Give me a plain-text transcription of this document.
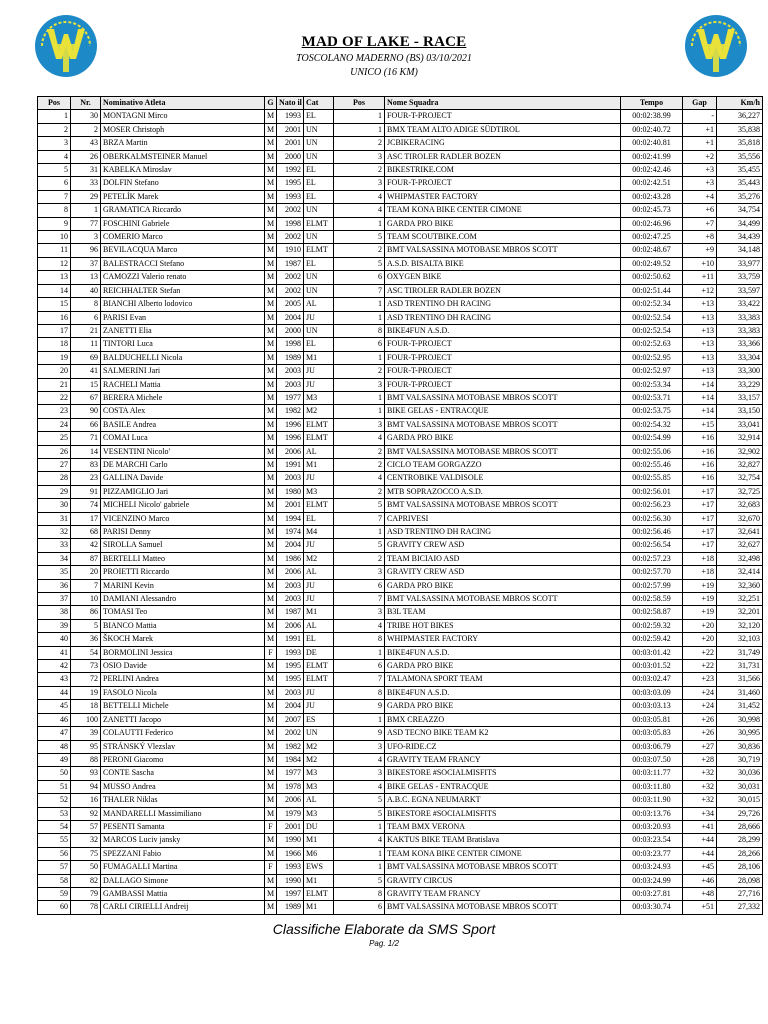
MAD OF LAKE - RACE
TOSCOLANO MADERNO (BS) 03/10/2021
UNICO (16 KM)
Pos	Nr.	Nominativo Atleta	G	Nato il	Cat	Pos	Nome Squadra	Tempo	Gap	Km/h
1	30	MONTAGNI Mirco	M	1993	EL	1	FOUR-T-PROJECT	00:02:38.99	-	36,227
2	2	MOSER Christoph	M	2001	UN	1	BMX TEAM ALTO ADIGE SÜDTIROL	00:02:40.72	+1	35,838
3	43	BRZA Martin	M	2001	UN	2	JCBIKERACING	00:02:40.81	+1	35,818
4	26	OBERKALMSTEINER Manuel	M	2000	UN	3	ASC TIROLER RADLER BOZEN	00:02:41.99	+2	35,556
5	31	KABELKA Miroslav	M	1992	EL	2	BIKESTRIKE.COM	00:02:42.46	+3	35,455
6	33	DOLFIN Stefano	M	1995	EL	3	FOUR-T-PROJECT	00:02:42.51	+3	35,443
7	29	PETELÍK Marek	M	1993	EL	4	WHIPMASTER FACTORY	00:02:43.28	+4	35,276
8	1	GRAMATICA Riccardo	M	2002	UN	4	TEAM KONA BIKE CENTER CIMONE	00:02:45.73	+6	34,754
9	77	FOSCHINI Gabriele	M	1998	ELMT	1	GARDA PRO BIKE	00:02:46.96	+7	34,499
10	3	COMERIO Marco	M	2002	UN	5	TEAM SCOUTBIKE.COM	00:02:47.25	+8	34,439
11	96	BEVILACQUA Marco	M	1910	ELMT	2	BMT VALSASSINA MOTOBASE MBROS SCOTT	00:02:48.67	+9	34,148
12	37	BALESTRACCI Stefano	M	1987	EL	5	A.S.D. BISALTA BIKE	00:02:49.52	+10	33,977
13	13	CAMOZZI Valerio renato	M	2002	UN	6	OXYGEN BIKE	00:02:50.62	+11	33,759
14	40	REICHHALTER Stefan	M	2002	UN	7	ASC TIROLER RADLER BOZEN	00:02:51.44	+12	33,597
15	8	BIANCHI Alberto lodovico	M	2005	AL	1	ASD TRENTINO DH RACING	00:02:52.34	+13	33,422
16	6	PARISI Evan	M	2004	JU	1	ASD TRENTINO DH RACING	00:02:52.54	+13	33,383
17	21	ZANETTI Elia	M	2000	UN	8	BIKE4FUN A.S.D.	00:02:52.54	+13	33,383
18	11	TINTORI Luca	M	1998	EL	6	FOUR-T-PROJECT	00:02:52.63	+13	33,366
19	69	BALDUCHELLI Nicola	M	1989	M1	1	FOUR-T-PROJECT	00:02:52.95	+13	33,304
20	41	SALMERINI Jari	M	2003	JU	2	FOUR-T-PROJECT	00:02:52.97	+13	33,300
21	15	RACHELI Mattia	M	2003	JU	3	FOUR-T-PROJECT	00:02:53.34	+14	33,229
22	67	BERERA Michele	M	1977	M3	1	BMT VALSASSINA MOTOBASE MBROS SCOTT	00:02:53.71	+14	33,157
23	90	COSTA Alex	M	1982	M2	1	BIKE GELAS - ENTRACQUE	00:02:53.75	+14	33,150
24	66	BASILE Andrea	M	1996	ELMT	3	BMT VALSASSINA MOTOBASE MBROS SCOTT	00:02:54.32	+15	33,041
25	71	COMAI Luca	M	1996	ELMT	4	GARDA PRO BIKE	00:02:54.99	+16	32,914
26	14	VESENTINI Nicolo'	M	2006	AL	2	BMT VALSASSINA MOTOBASE MBROS SCOTT	00:02:55.06	+16	32,902
27	83	DE MARCHI Carlo	M	1991	M1	2	CICLO TEAM GORGAZZO	00:02:55.46	+16	32,827
28	23	GALLINA Davide	M	2003	JU	4	CENTROBIKE VALDISOLE	00:02:55.85	+16	32,754
29	91	PIZZAMIGLIO Jari	M	1980	M3	2	MTB SOPRAZOCCO A.S.D.	00:02:56.01	+17	32,725
30	74	MICHELI Nicolo' gabriele	M	2001	ELMT	5	BMT VALSASSINA MOTOBASE MBROS SCOTT	00:02:56.23	+17	32,683
31	17	VICENZINO Marco	M	1994	EL	7	CAPRIVESI	00:02:56.30	+17	32,670
32	68	PARISI Denny	M	1974	M4	1	ASD TRENTINO DH RACING	00:02:56.46	+17	32,641
33	42	SIROLLA Samuel	M	2004	JU	5	GRAVITY CREW ASD	00:02:56.54	+17	32,627
34	87	BERTELLI Matteo	M	1986	M2	2	TEAM BICIAIO ASD	00:02:57.23	+18	32,498
35	20	PROIETTI Riccardo	M	2006	AL	3	GRAVITY CREW ASD	00:02:57.70	+18	32,414
36	7	MARINI Kevin	M	2003	JU	6	GARDA PRO BIKE	00:02:57.99	+19	32,360
37	10	DAMIANI Alessandro	M	2003	JU	7	BMT VALSASSINA MOTOBASE MBROS SCOTT	00:02:58.59	+19	32,251
38	86	TOMASI Teo	M	1987	M1	3	B3L TEAM	00:02:58.87	+19	32,201
39	5	BIANCO Mattia	M	2006	AL	4	TRIBE HOT BIKES	00:02:59.32	+20	32,120
40	36	ŠKOCH Marek	M	1991	EL	8	WHIPMASTER FACTORY	00:02:59.42	+20	32,103
41	54	BORMOLINI Jessica	F	1993	DE	1	BIKE4FUN A.S.D.	00:03:01.42	+22	31,749
42	73	OSIO Davide	M	1995	ELMT	6	GARDA PRO BIKE	00:03:01.52	+22	31,731
43	72	PERLINI Andrea	M	1995	ELMT	7	TALAMONA SPORT TEAM	00:03:02.47	+23	31,566
44	19	FASOLO Nicola	M	2003	JU	8	BIKE4FUN A.S.D.	00:03:03.09	+24	31,460
45	18	BETTELLI Michele	M	2004	JU	9	GARDA PRO BIKE	00:03:03.13	+24	31,452
46	100	ZANETTI Jacopo	M	2007	ES	1	BMX CREAZZO	00:03:05.81	+26	30,998
47	39	COLAUTTI Federico	M	2002	UN	9	ASD TECNO BIKE TEAM K2	00:03:05.83	+26	30,995
48	95	STRÁNSKÝ Vlezslav	M	1982	M2	3	UFO-RIDE.CZ	00:03:06.79	+27	30,836
49	88	PERONI Giacomo	M	1984	M2	4	GRAVITY TEAM FRANCY	00:03:07.50	+28	30,719
50	93	CONTE Sascha	M	1977	M3	3	BIKESTORE #SOCIALMISFITS	00:03:11.77	+32	30,036
51	94	MUSSO Andrea	M	1978	M3	4	BIKE GELAS - ENTRACQUE	00:03:11.80	+32	30,031
52	16	THALER Niklas	M	2006	AL	5	A.B.C. EGNA NEUMARKT	00:03:11.90	+32	30,015
53	92	MANDARELLI Massimiliano	M	1979	M3	5	BIKESTORE #SOCIALMISFITS	00:03:13.76	+34	29,726
54	57	PESENTI Samanta	F	2001	DU	1	TEAM BMX VERONA	00:03:20.93	+41	28,666
55	32	MARCOS Luciv jansky	M	1990	M1	4	KAKTUS BIKE TEAM Bratislava	00:03:23.54	+44	28,299
56	75	SPEZZANI Fabio	M	1966	M6	1	TEAM KONA BIKE CENTER CIMONE	00:03:23.77	+44	28,266
57	50	FUMAGALLI Martina	F	1993	EWS	1	BMT VALSASSINA MOTOBASE MBROS SCOTT	00:03:24.93	+45	28,106
58	82	DALLAGO Simone	M	1990	M1	5	GRAVITY CIRCUS	00:03:24.99	+46	28,098
59	79	GAMBASSI Mattia	M	1997	ELMT	8	GRAVITY TEAM FRANCY	00:03:27.81	+48	27,716
60	78	CARLI CIRIELLI Andreij	M	1989	M1	6	BMT VALSASSINA MOTOBASE MBROS SCOTT	00:03:30.74	+51	27,332
Classifiche Elaborate da SMS Sport
Pag. 1/2
